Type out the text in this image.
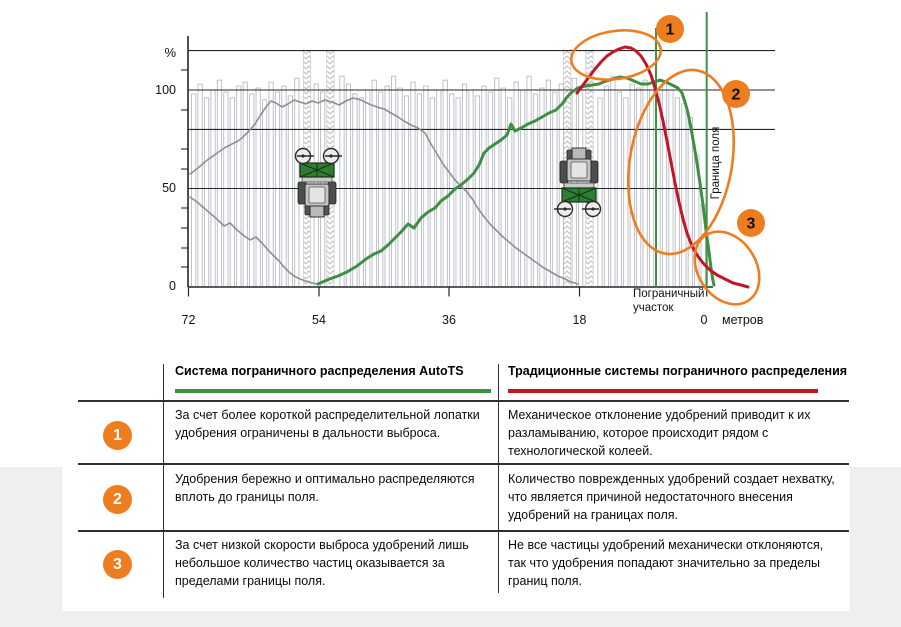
%
100
50
0
72	54	36	18	0 метров
Пограничный
участок
Граница поля
1
2
3
Система пограничного распределения AutoTS	Традиционные системы пограничного распределения
1
За счет более короткой распределительной лопатки удобрения ограничены в дальности выброса.
Механическое отклонение удобрений приводит к их разламыванию, которое происходит рядом с технологической колеей.
2
Удобрения бережно и оптимально распределяются вплоть до границы поля.
Количество поврежденных удобрений создает нехватку, что является причиной недостаточного внесения удобрений на границах поля.
3
За счет низкой скорости выброса удобрений лишь небольшое количество частиц оказывается за пределами границы поля.
Не все частицы удобрений механически отклоняются, так что удобрения попадают значительно за пределы границ поля.
